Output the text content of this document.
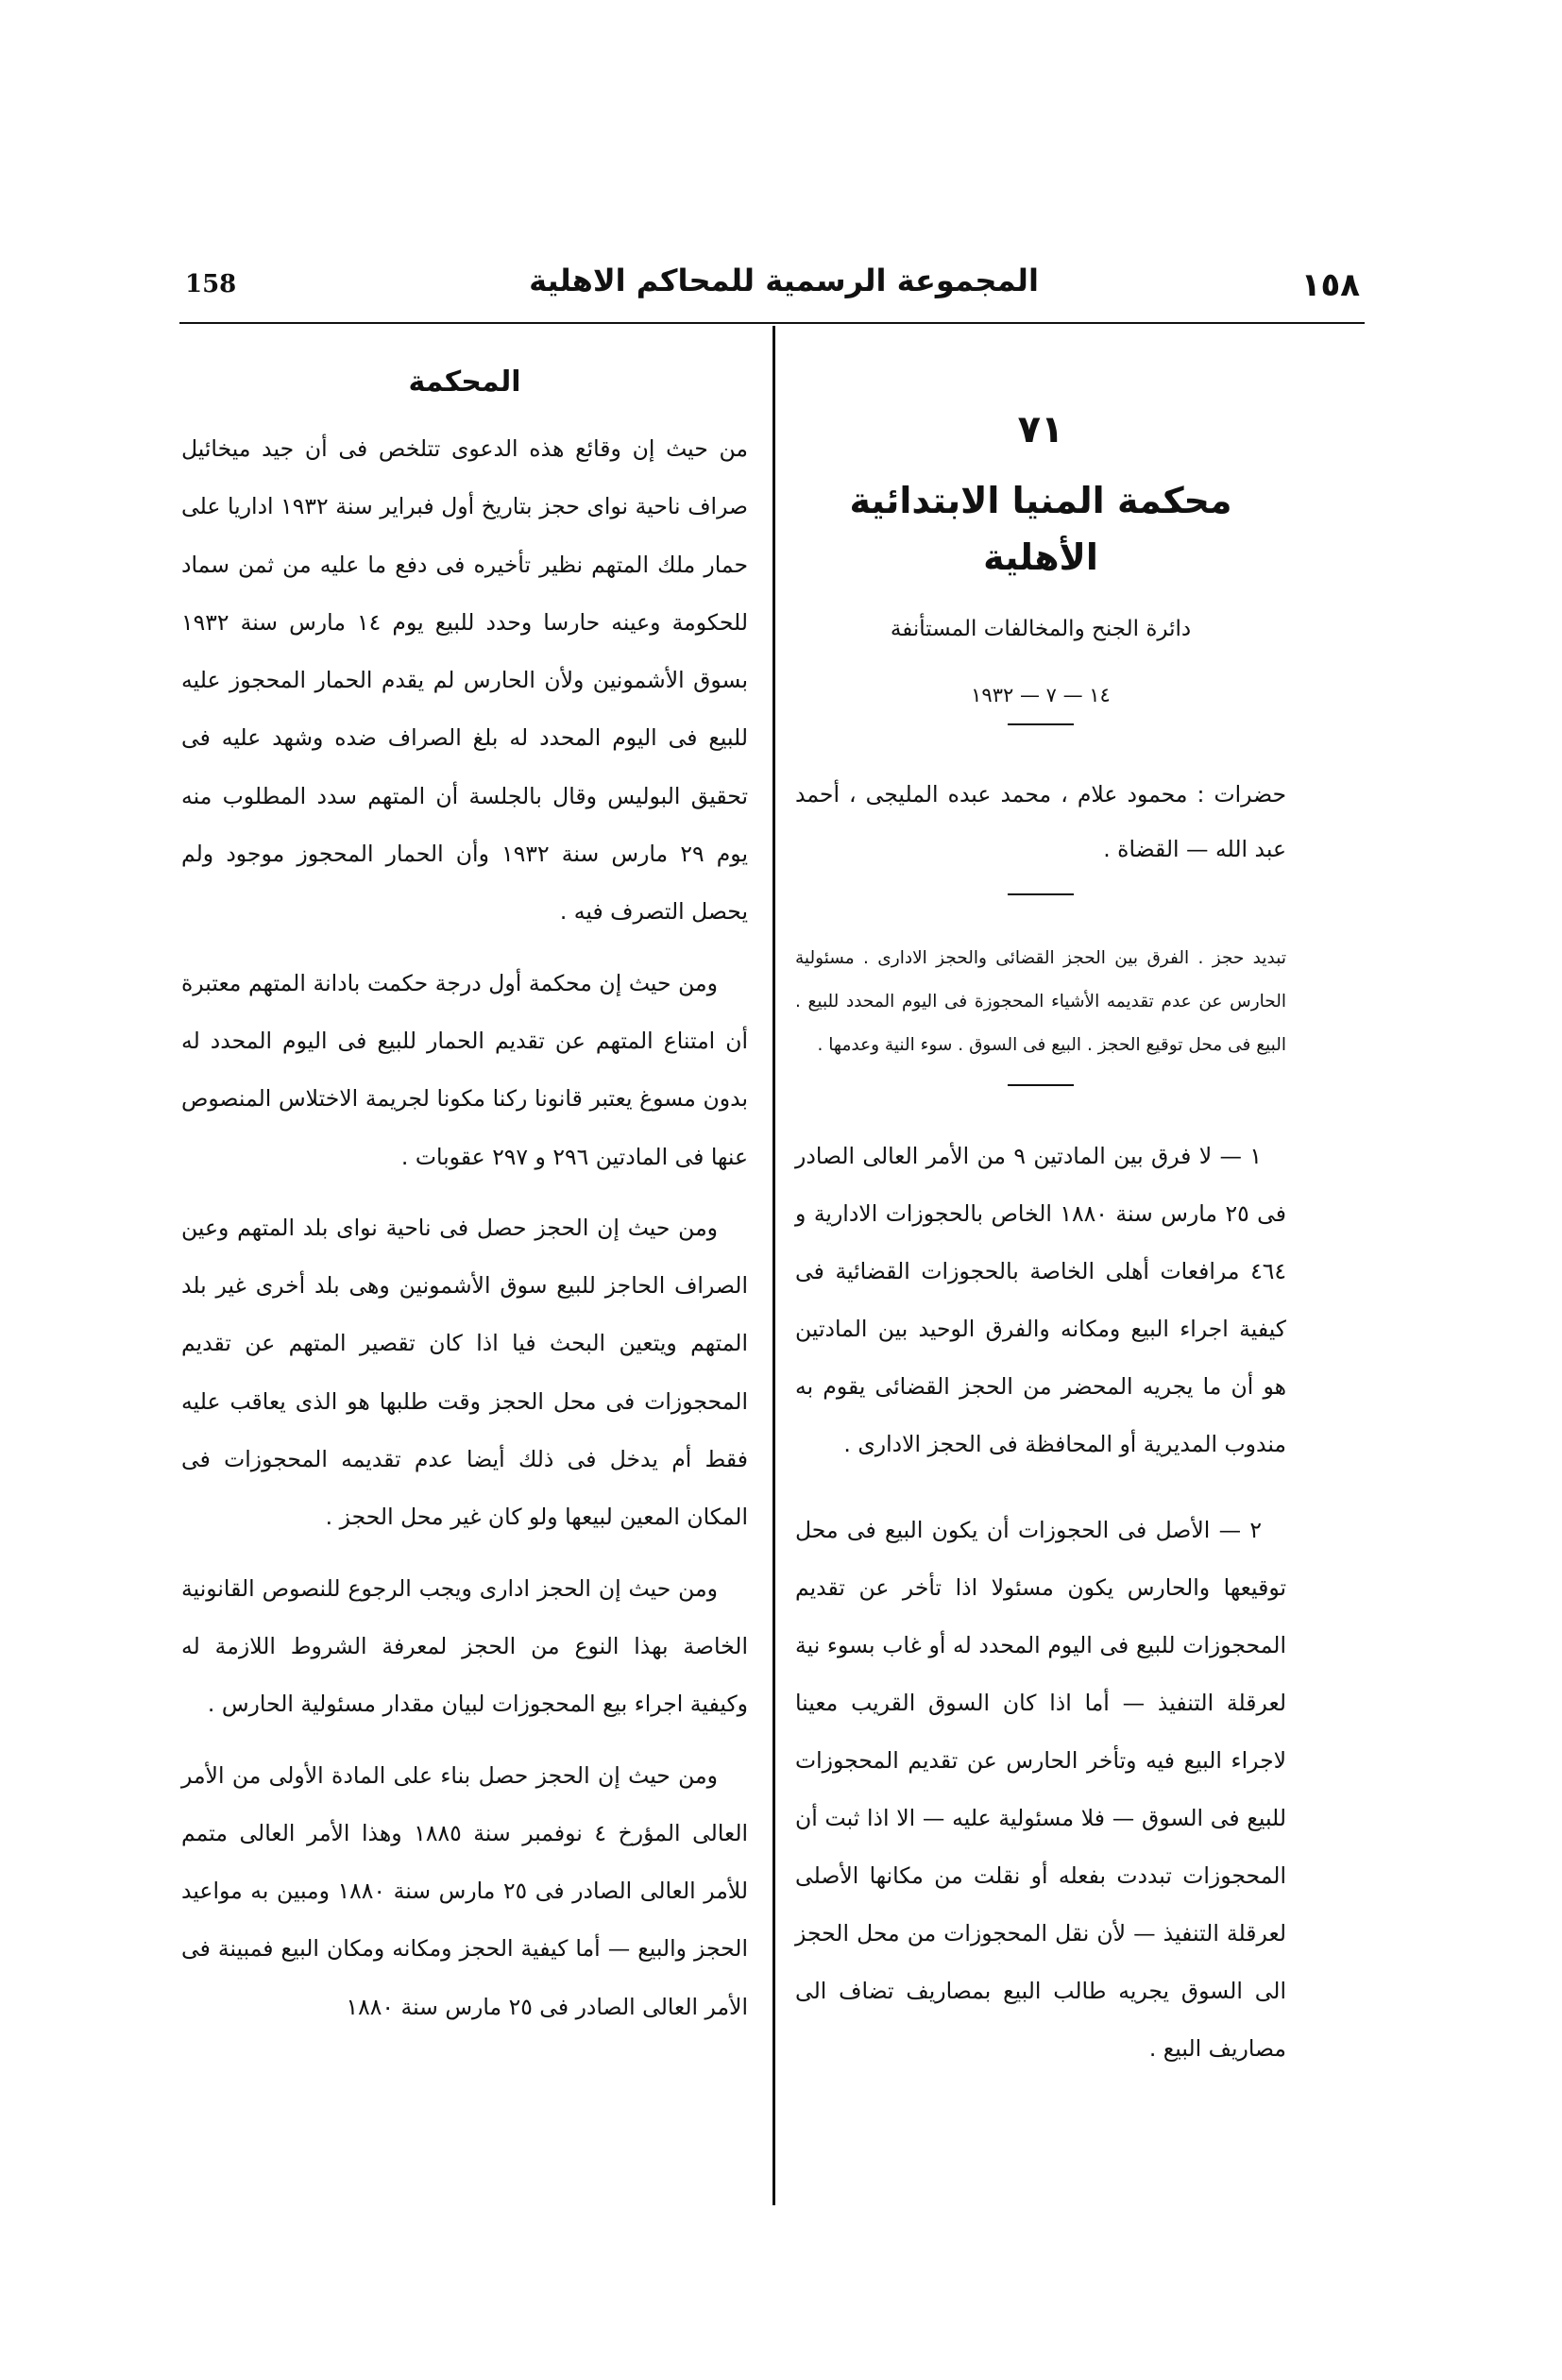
158	المجموعة الرسمية للمحاكم الاهلية	١٥٨
٧١
محكمة المنيا الابتدائية الأهلية
دائرة الجنح والمخالفات المستأنفة
١٤ — ٧ — ١٩٣٢

حضرات : محمود علام ، محمد عبده المليجى ، أحمد عبد الله — القضاة .

تبديد حجز . الفرق بين الحجز القضائى والحجز الادارى . مسئولية الحارس عن عدم تقديمه الأشياء المحجوزة فى اليوم المحدد للبيع . البيع فى محل توقيع الحجز . البيع فى السوق . سوء النية وعدمها .

١ — لا فرق بين المادتين ٩ من الأمر العالى الصادر فى ٢٥ مارس سنة ١٨٨٠ الخاص بالحجوزات الادارية و ٤٦٤ مرافعات أهلى الخاصة بالحجوزات القضائية فى كيفية اجراء البيع ومكانه والفرق الوحيد بين المادتين هو أن ما يجريه المحضر من الحجز القضائى يقوم به مندوب المديرية أو المحافظة فى الحجز الادارى .

٢ — الأصل فى الحجوزات أن يكون البيع فى محل توقيعها والحارس يكون مسئولا اذا تأخر عن تقديم المحجوزات للبيع فى اليوم المحدد له أو غاب بسوء نية لعرقلة التنفيذ — أما اذا كان السوق القريب معينا لاجراء البيع فيه وتأخر الحارس عن تقديم المحجوزات للبيع فى السوق — فلا مسئولية عليه — الا اذا ثبت أن المحجوزات تبددت بفعله أو نقلت من مكانها الأصلى لعرقلة التنفيذ — لأن نقل المحجوزات من محل الحجز الى السوق يجريه طالب البيع بمصاريف تضاف الى مصاريف البيع .

المحكمة

من حيث إن وقائع هذه الدعوى تتلخص فى أن جيد ميخائيل صراف ناحية نواى حجز بتاريخ أول فبراير سنة ١٩٣٢ اداريا على حمار ملك المتهم نظير تأخيره فى دفع ما عليه من ثمن سماد للحكومة وعينه حارسا وحدد للبيع يوم ١٤ مارس سنة ١٩٣٢ بسوق الأشمونين ولأن الحارس لم يقدم الحمار المحجوز عليه للبيع فى اليوم المحدد له بلغ الصراف ضده وشهد عليه فى تحقيق البوليس وقال بالجلسة أن المتهم سدد المطلوب منه يوم ٢٩ مارس سنة ١٩٣٢ وأن الحمار المحجوز موجود ولم يحصل التصرف فيه .

ومن حيث إن محكمة أول درجة حكمت بادانة المتهم معتبرة أن امتناع المتهم عن تقديم الحمار للبيع فى اليوم المحدد له بدون مسوغ يعتبر قانونا ركنا مكونا لجريمة الاختلاس المنصوص عنها فى المادتين ٢٩٦ و ٢٩٧ عقوبات .

ومن حيث إن الحجز حصل فى ناحية نواى بلد المتهم وعين الصراف الحاجز للبيع سوق الأشمونين وهى بلد أخرى غير بلد المتهم ويتعين البحث فيا اذا كان تقصير المتهم عن تقديم المحجوزات فى محل الحجز وقت طلبها هو الذى يعاقب عليه فقط أم يدخل فى ذلك أيضا عدم تقديمه المحجوزات فى المكان المعين لبيعها ولو كان غير محل الحجز .

ومن حيث إن الحجز ادارى ويجب الرجوع للنصوص القانونية الخاصة بهذا النوع من الحجز لمعرفة الشروط اللازمة له وكيفية اجراء بيع المحجوزات لبيان مقدار مسئولية الحارس .

ومن حيث إن الحجز حصل بناء على المادة الأولى من الأمر العالى المؤرخ ٤ نوفمبر سنة ١٨٨٥ وهذا الأمر العالى متمم للأمر العالى الصادر فى ٢٥ مارس سنة ١٨٨٠ ومبين به مواعيد الحجز والبيع — أما كيفية الحجز ومكانه ومكان البيع فمبينة فى الأمر العالى الصادر فى ٢٥ مارس سنة ١٨٨٠
